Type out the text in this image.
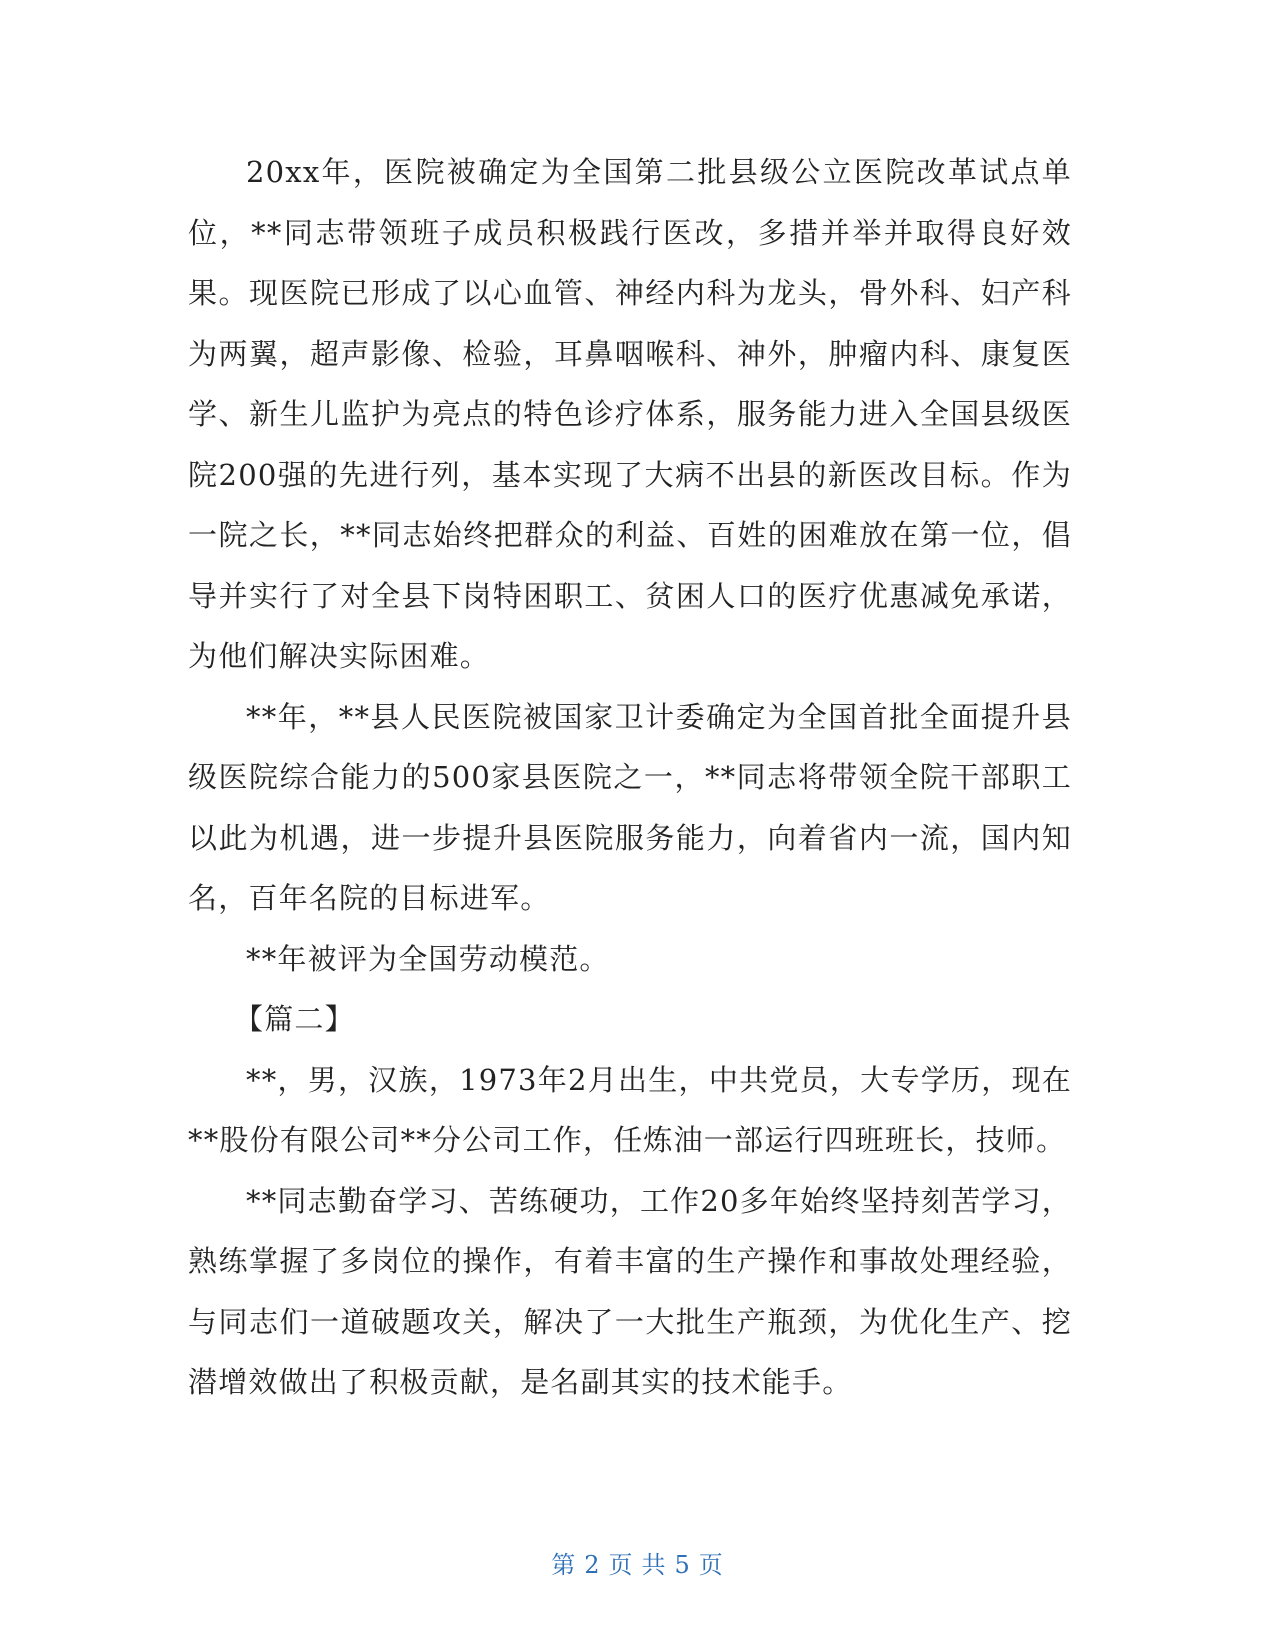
20xx年，医院被确定为全国第二批县级公立医院改革试点单位，**同志带领班子成员积极践行医改，多措并举并取得良好效果。现医院已形成了以心血管、神经内科为龙头，骨外科、妇产科为两翼，超声影像、检验，耳鼻咽喉科、神外，肿瘤内科、康复医学、新生儿监护为亮点的特色诊疗体系，服务能力进入全国县级医院200强的先进行列，基本实现了大病不出县的新医改目标。作为一院之长，**同志始终把群众的利益、百姓的困难放在第一位，倡导并实行了对全县下岗特困职工、贫困人口的医疗优惠减免承诺，为他们解决实际困难。

**年，**县人民医院被国家卫计委确定为全国首批全面提升县级医院综合能力的500家县医院之一，**同志将带领全院干部职工以此为机遇，进一步提升县医院服务能力，向着省内一流，国内知名，百年名院的目标进军。

**年被评为全国劳动模范。

【篇二】

**，男，汉族，1973年2月出生，中共党员，大专学历，现在**股份有限公司**分公司工作，任炼油一部运行四班班长，技师。

**同志勤奋学习、苦练硬功，工作20多年始终坚持刻苦学习，熟练掌握了多岗位的操作，有着丰富的生产操作和事故处理经验，与同志们一道破题攻关，解决了一大批生产瓶颈，为优化生产、挖潜增效做出了积极贡献，是名副其实的技术能手。

第 2 页 共 5 页
